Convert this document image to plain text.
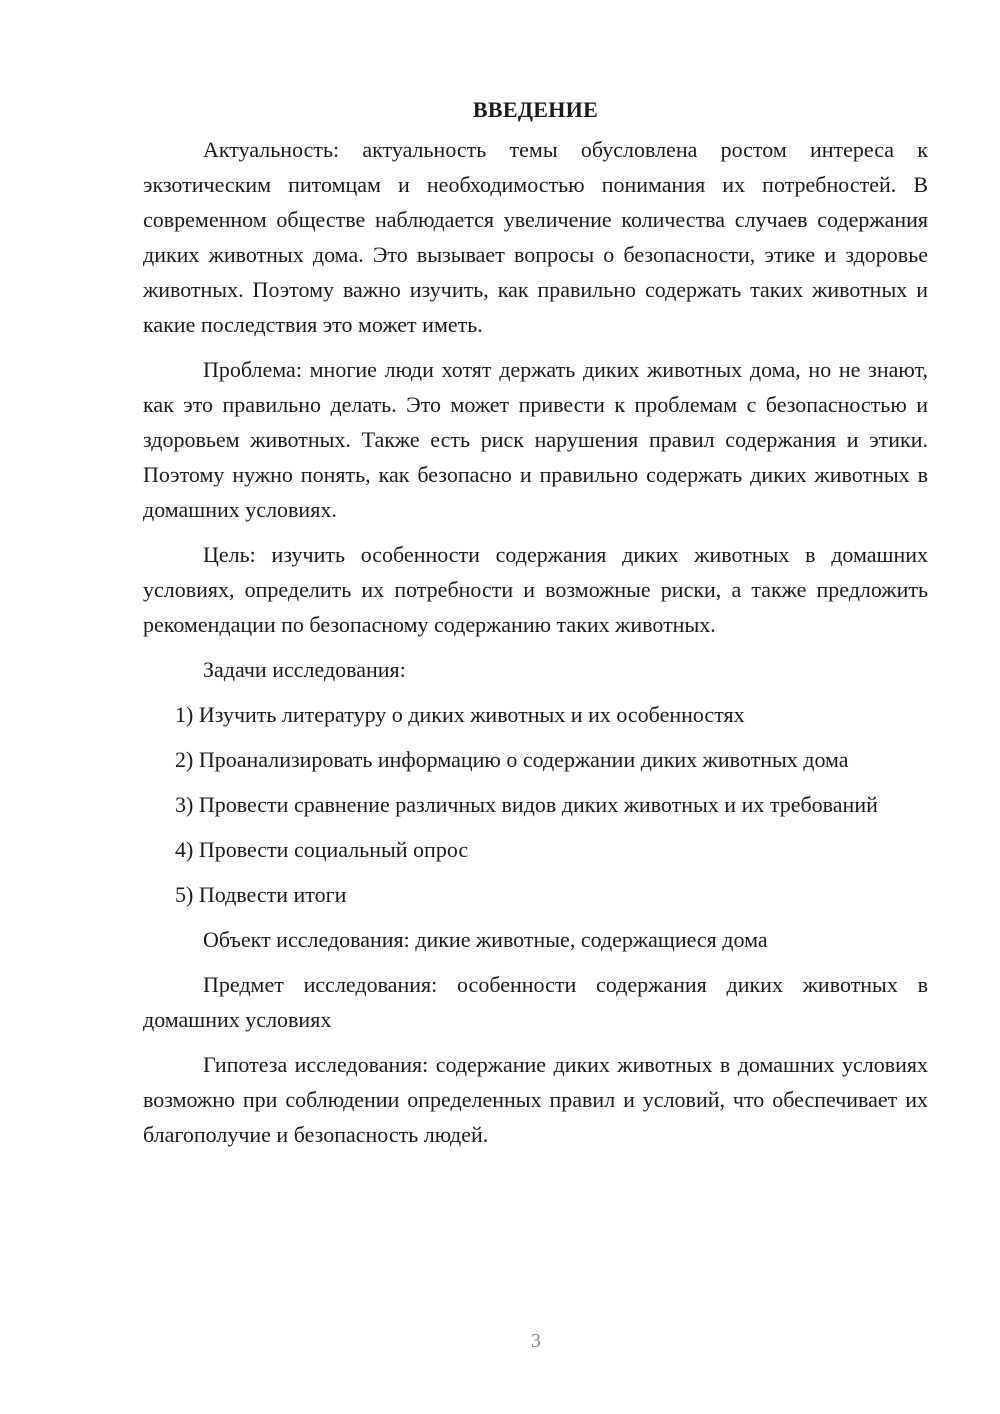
ВВЕДЕНИЕ

Актуальность: актуальность темы обусловлена ростом интереса к экзотическим питомцам и необходимостью понимания их потребностей. В современном обществе наблюдается увеличение количества случаев содержания диких животных дома. Это вызывает вопросы о безопасности, этике и здоровье животных. Поэтому важно изучить, как правильно содержать таких животных и какие последствия это может иметь.

Проблема: многие люди хотят держать диких животных дома, но не знают, как это правильно делать. Это может привести к проблемам с безопасностью и здоровьем животных. Также есть риск нарушения правил содержания и этики. Поэтому нужно понять, как безопасно и правильно содержать диких животных в домашних условиях.

Цель: изучить особенности содержания диких животных в домашних условиях, определить их потребности и возможные риски, а также предложить рекомендации по безопасному содержанию таких животных.

Задачи исследования:

1) Изучить литературу о диких животных и их особенностях

2) Проанализировать информацию о содержании диких животных дома

3) Провести сравнение различных видов диких животных и их требований

4) Провести социальный опрос

5) Подвести итоги

Объект исследования: дикие животные, содержащиеся дома

Предмет исследования: особенности содержания диких животных в домашних условиях

Гипотеза исследования: содержание диких животных в домашних условиях возможно при соблюдении определенных правил и условий, что обеспечивает их благополучие и безопасность людей.

3
